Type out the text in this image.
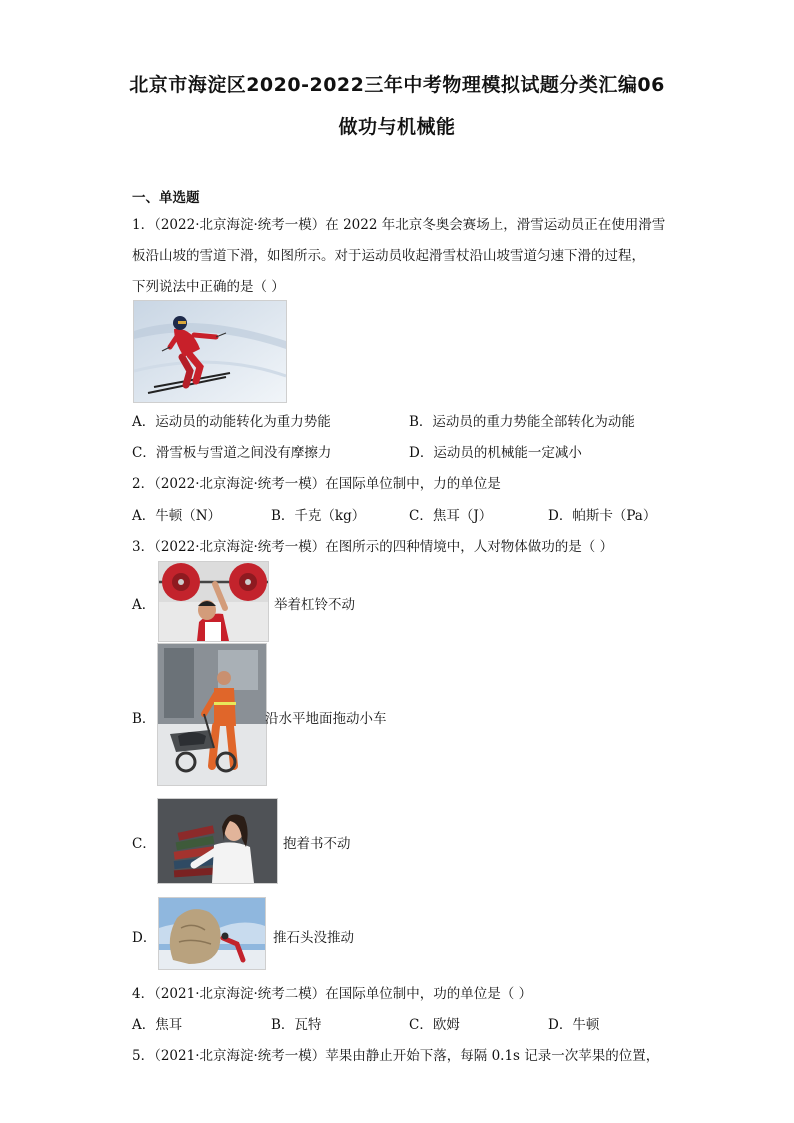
北京市海淀区2020-2022三年中考物理模拟试题分类汇编06
做功与机械能
一、单选题
1．（2022·北京海淀·统考一模）在 2022 年北京冬奥会赛场上，滑雪运动员正在使用滑雪
板沿山坡的雪道下滑，如图所示。对于运动员收起滑雪杖沿山坡雪道匀速下滑的过程，
下列说法中正确的是（ ）
A．运动员的动能转化为重力势能	B．运动员的重力势能全部转化为动能
C．滑雪板与雪道之间没有摩擦力	D．运动员的机械能一定减小
2．（2022·北京海淀·统考一模）在国际单位制中，力的单位是
A．牛顿（N）	B．千克（kg）	C．焦耳（J）	D．帕斯卡（Pa）
3．（2022·北京海淀·统考一模）在图所示的四种情境中，人对物体做功的是（ ）
A．	举着杠铃不动
B．	沿水平地面拖动小车
C．	抱着书不动
D．	推石头没推动
4．（2021·北京海淀·统考二模）在国际单位制中，功的单位是（ ）
A．焦耳	B．瓦特	C．欧姆	D．牛顿
5．（2021·北京海淀·统考一模）苹果由静止开始下落，每隔 0.1s 记录一次苹果的位置，
